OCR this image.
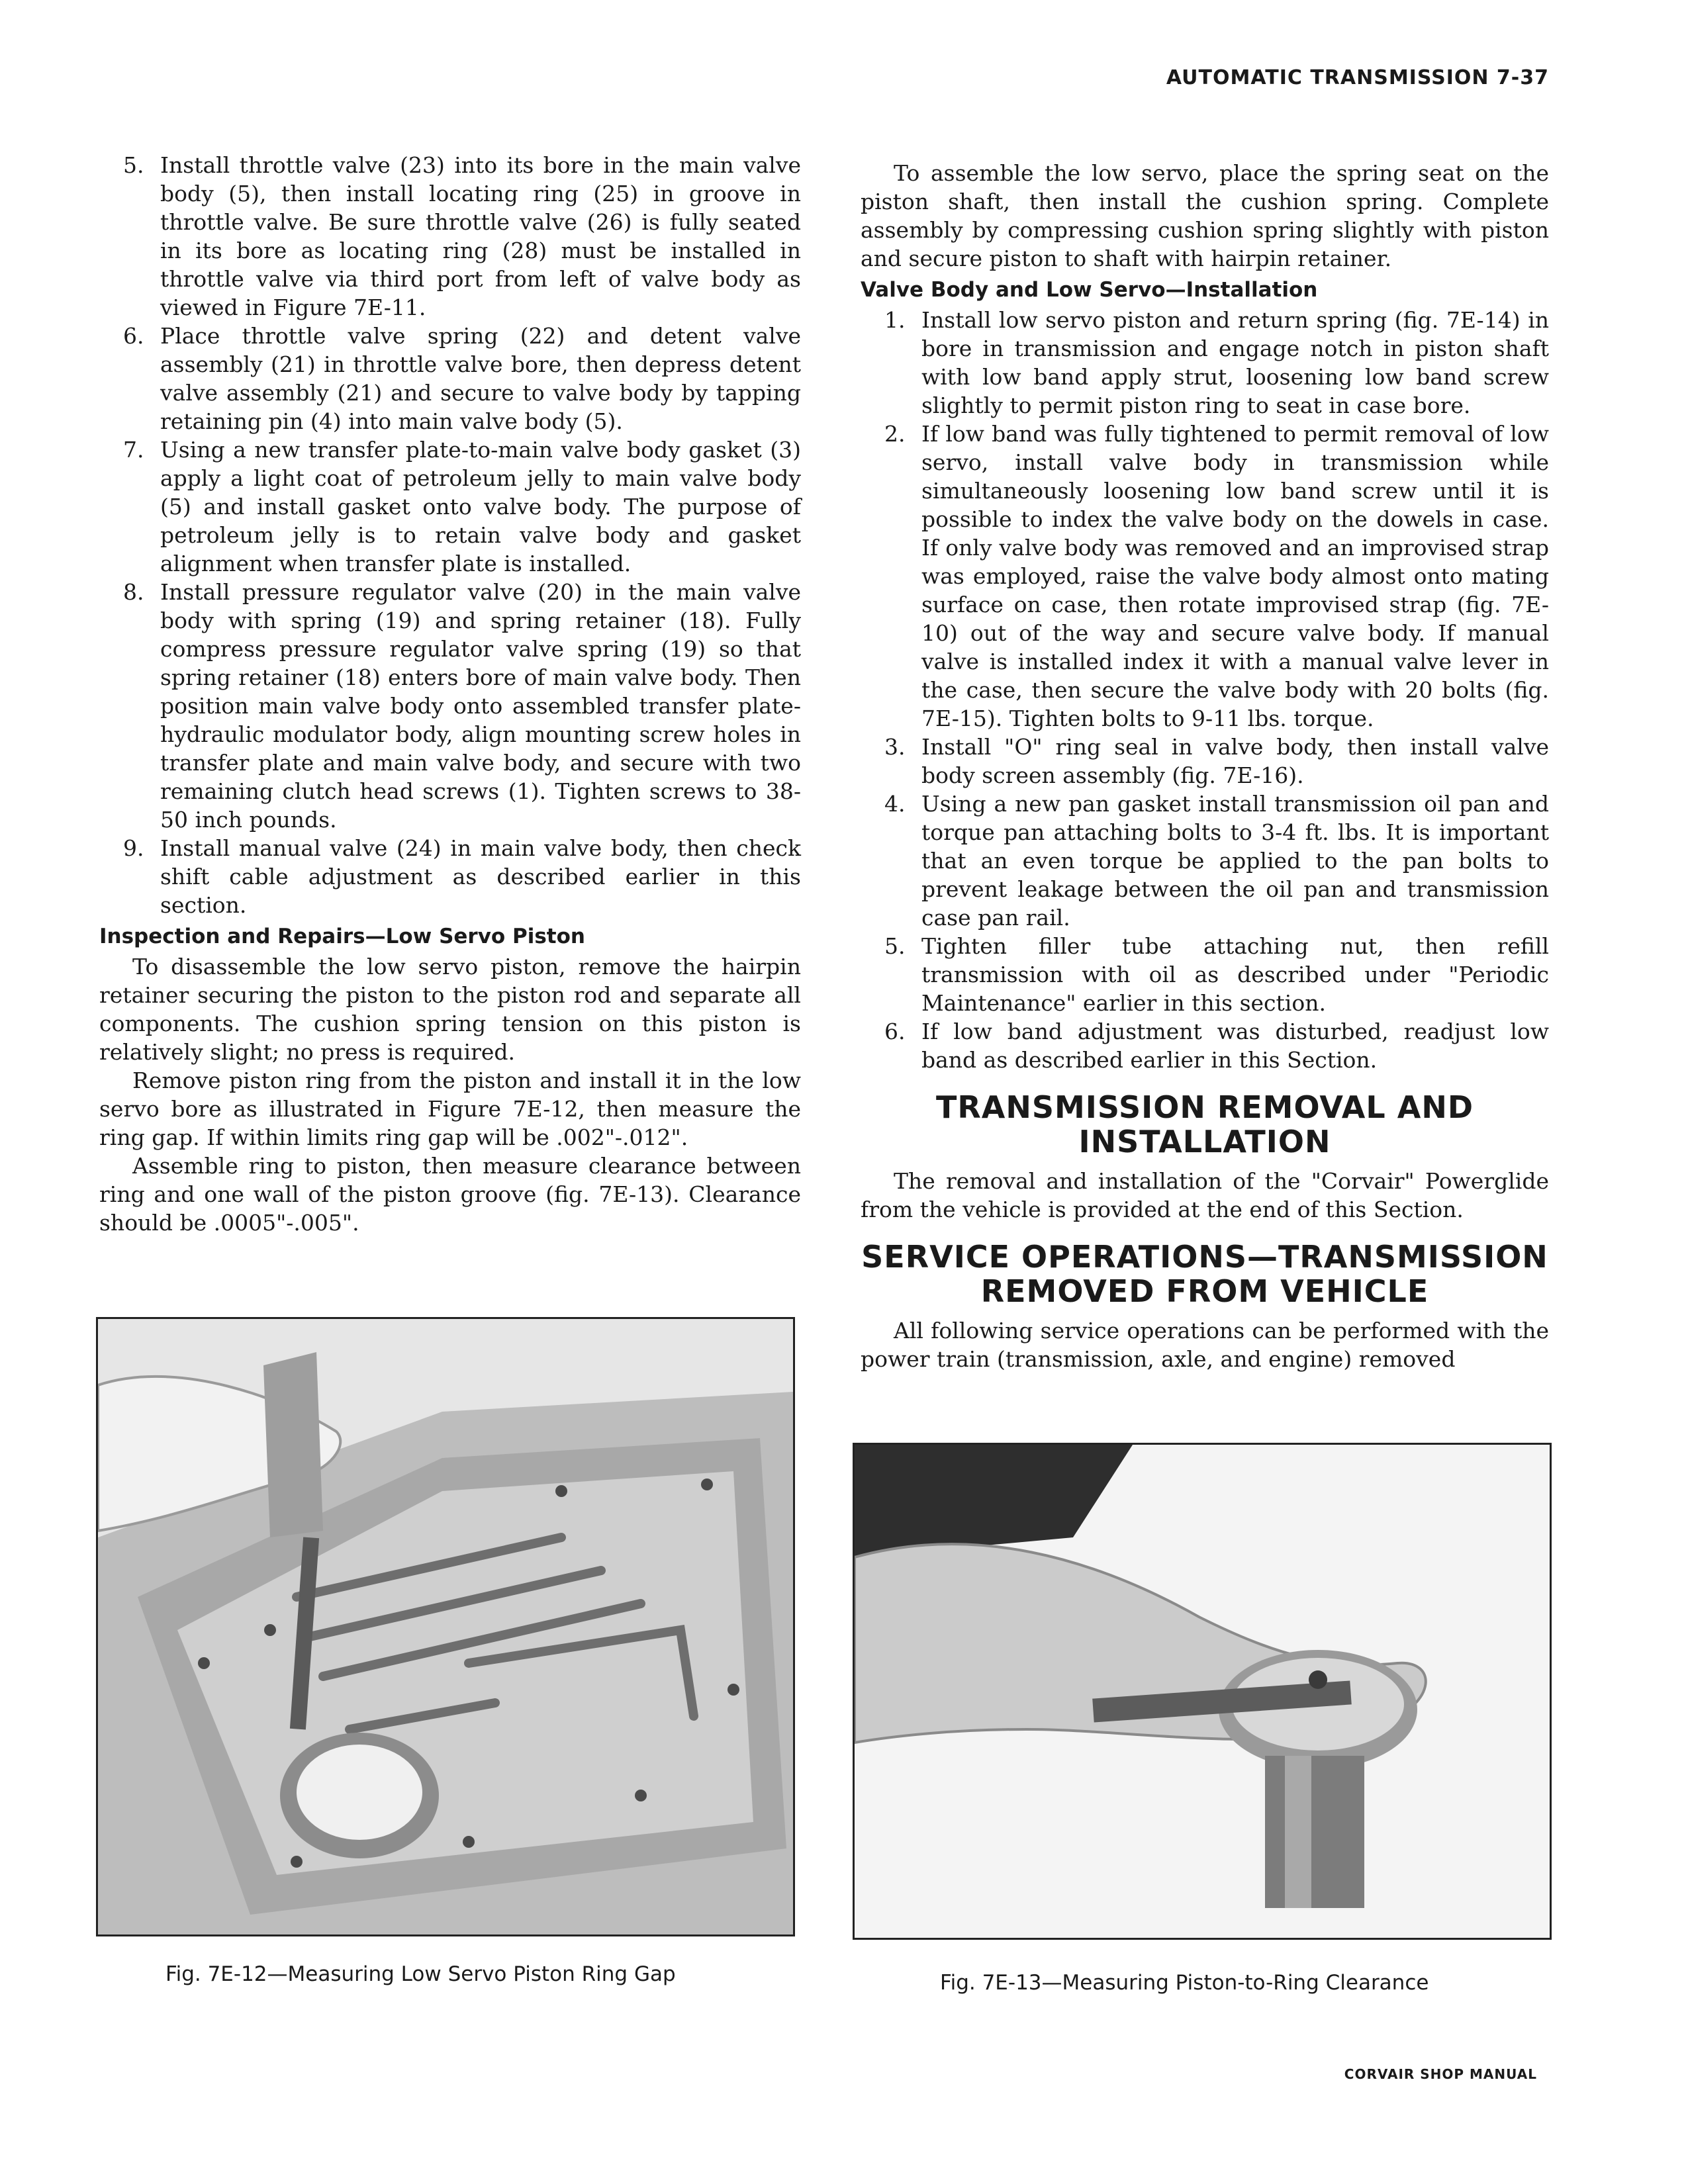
AUTOMATIC TRANSMISSION 7-37
5. Install throttle valve (23) into its bore in the main valve body (5), then install locating ring (25) in groove in throttle valve. Be sure throttle valve (26) is fully seated in its bore as locating ring (28) must be installed in throttle valve via third port from left of valve body as viewed in Figure 7E-11.
6. Place throttle valve spring (22) and detent valve assembly (21) in throttle valve bore, then depress detent valve assembly (21) and secure to valve body by tapping retaining pin (4) into main valve body (5).
7. Using a new transfer plate-to-main valve body gasket (3) apply a light coat of petroleum jelly to main valve body (5) and install gasket onto valve body. The purpose of petroleum jelly is to retain valve body and gasket alignment when transfer plate is installed.
8. Install pressure regulator valve (20) in the main valve body with spring (19) and spring retainer (18). Fully compress pressure regulator valve spring (19) so that spring retainer (18) enters bore of main valve body. Then position main valve body onto assembled transfer plate-hydraulic modulator body, align mounting screw holes in transfer plate and main valve body, and secure with two remaining clutch head screws (1). Tighten screws to 38-50 inch pounds.
9. Install manual valve (24) in main valve body, then check shift cable adjustment as described earlier in this section.
Inspection and Repairs—Low Servo Piston

To disassemble the low servo piston, remove the hairpin retainer securing the piston to the piston rod and separate all components. The cushion spring tension on this piston is relatively slight; no press is required.

Remove piston ring from the piston and install it in the low servo bore as illustrated in Figure 7E-12, then measure the ring gap. If within limits ring gap will be .002"-.012".

Assemble ring to piston, then measure clearance between ring and one wall of the piston groove (fig. 7E-13). Clearance should be .0005"-.005".

To assemble the low servo, place the spring seat on the piston shaft, then install the cushion spring. Complete assembly by compressing cushion spring slightly with piston and secure piston to shaft with hairpin retainer.

Valve Body and Low Servo—Installation
1. Install low servo piston and return spring (fig. 7E-14) in bore in transmission and engage notch in piston shaft with low band apply strut, loosening low band screw slightly to permit piston ring to seat in case bore.
2. If low band was fully tightened to permit removal of low servo, install valve body in transmission while simultaneously loosening low band screw until it is possible to index the valve body on the dowels in case. If only valve body was removed and an improvised strap was employed, raise the valve body almost onto mating surface on case, then rotate improvised strap (fig. 7E-10) out of the way and secure valve body. If manual valve is installed index it with a manual valve lever in the case, then secure the valve body with 20 bolts (fig. 7E-15). Tighten bolts to 9-11 lbs. torque.
3. Install "O" ring seal in valve body, then install valve body screen assembly (fig. 7E-16).
4. Using a new pan gasket install transmission oil pan and torque pan attaching bolts to 3-4 ft. lbs. It is important that an even torque be applied to the pan bolts to prevent leakage between the oil pan and transmission case pan rail.
5. Tighten filler tube attaching nut, then refill transmission with oil as described under "Periodic Maintenance" earlier in this section.
6. If low band adjustment was disturbed, readjust low band as described earlier in this Section.
TRANSMISSION REMOVAL AND
INSTALLATION

The removal and installation of the "Corvair" Powerglide from the vehicle is provided at the end of this Section.

SERVICE OPERATIONS—TRANSMISSION
REMOVED FROM VEHICLE

All following service operations can be performed with the power train (transmission, axle, and engine) removed

Fig. 7E-12—Measuring Low Servo Piston Ring Gap	Fig. 7E-13—Measuring Piston-to-Ring Clearance
CORVAIR SHOP MANUAL
